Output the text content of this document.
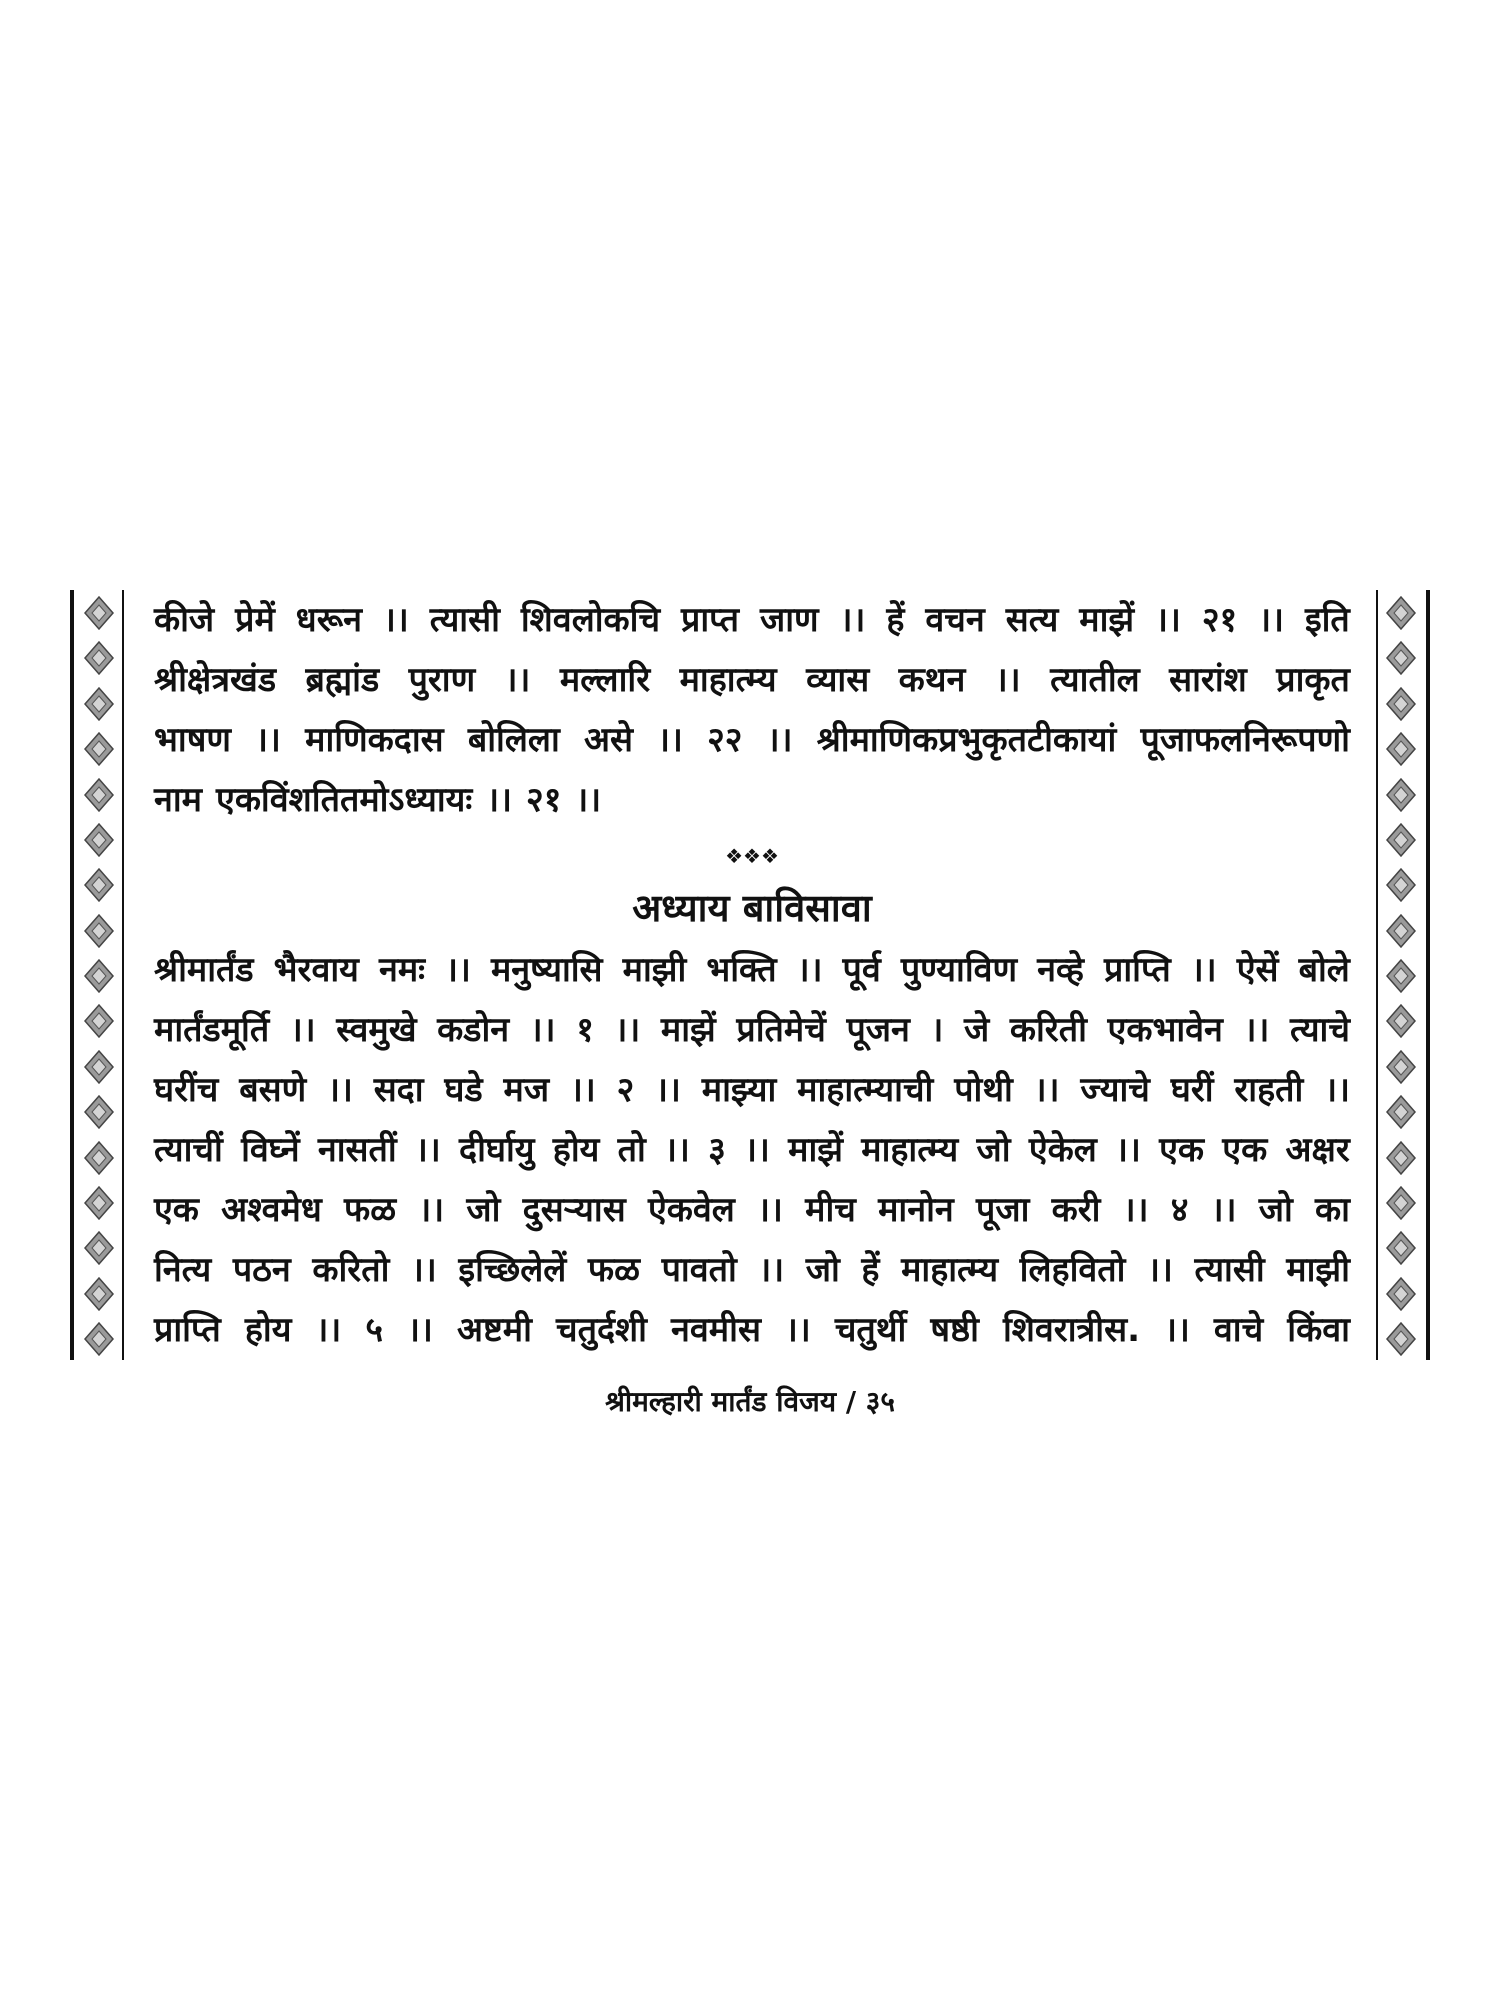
कीजे प्रेमें धरून ।। त्यासी शिवलोकचि प्राप्त जाण ।। हें वचन सत्य माझें ।। २१ ।। इति
श्रीक्षेत्रखंड ब्रह्मांड पुराण ।। मल्लारि माहात्म्य व्यास कथन ।। त्यातील सारांश प्राकृत
भाषण ।। माणिकदास बोलिला असे ।। २२ ।। श्रीमाणिकप्रभुकृतटीकायां पूजाफलनिरूपणो
नाम एकविंशतितमोऽध्यायः ।। २१ ।।
❖❖❖
अध्याय बाविसावा
श्रीमार्तंड भैरवाय नमः ।। मनुष्यासि माझी भक्ति ।। पूर्व पुण्याविण नव्हे प्राप्ति ।। ऐसें बोले
मार्तंडमूर्ति ।। स्वमुखे कडोन ।। १ ।। माझें प्रतिमेचें पूजन । जे करिती एकभावेन ।। त्याचे
घरींच बसणे ।। सदा घडे मज ।। २ ।। माझ्या माहात्म्याची पोथी ।। ज्याचे घरीं राहती ।।
त्याचीं विघ्नें नासतीं ।। दीर्घायु होय तो ।। ३ ।। माझें माहात्म्य जो ऐकेल ।। एक एक अक्षर
एक अश्वमेध फळ ।। जो दुसऱ्यास ऐकवेल ।। मीच मानोन पूजा करी ।। ४ ।। जो का
नित्य पठन करितो ।। इच्छिलेलें फळ पावतो ।। जो हें माहात्म्य लिहवितो ।। त्यासी माझी
प्राप्ति होय ।। ५ ।। अष्टमी चतुर्दशी नवमीस ।। चतुर्थी षष्ठी शिवरात्रीस. ।। वाचे किंवा
श्रीमल्हारी मार्तंड विजय / ३५
